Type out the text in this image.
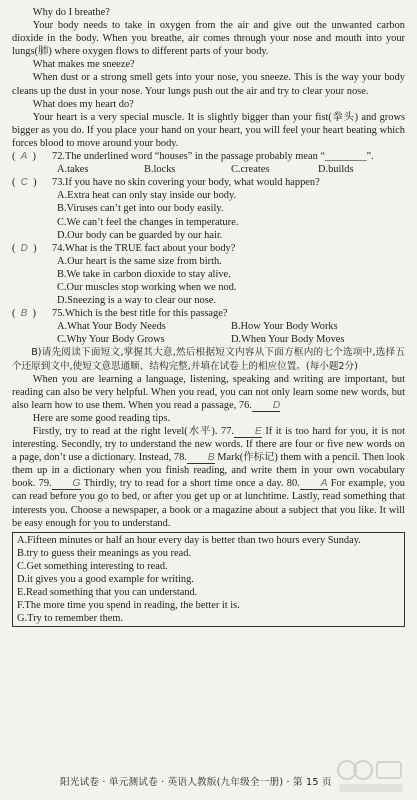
Why do I breathe?

Your body needs to take in oxygen from the air and give out the unwanted carbon dioxide in the body. When you breathe, air comes through your nose and mouth into your lungs(肺) where oxygen flows to different parts of your body.

What makes me sneeze?

When dust or a strong smell gets into your nose, you sneeze. This is the way your body cleans up the dust in your nose. Your lungs push out the air and try to clear your nose.

What does my heart do?

Your heart is a very special muscle. It is slightly bigger than your fist(拳头) and grows bigger as you do. If you place your hand on your heart, you will feel your heart beating which forces blood to move around your body.

( A )	72.The underlined word “houses” in the passage probably mean “________”.

A.takes	B.locks	C.creates	D.builds

( C )	73.If you have no skin covering your body, what would happen?

A.Extra heat can only stay inside our body.

B.Viruses can’t get into our body easily.

C.We can’t feel the changes in temperature.

D.Our body can be guarded by our hair.

( D )	74.What is the TRUE fact about your body?

A.Our heart is the same size from birth.

B.We take in carbon dioxide to stay alive.

C.Our muscles stop working when we nod.

D.Sneezing is a way to clear our nose.

( B )	75.Which is the best title for this passage?

A.What Your Body Needs	B.How Your Body Works
C.Why Your Body Grows	D.When Your Body Moves

B)请先阅读下面短文,掌握其大意,然后根据短文内容从下面方框内的七个选项中,选择五个还原到文中,使短文意思通顺、结构完整,并填在试卷上的相应位置。(每小题2分)

When you are learning a language, listening, speaking and writing are important, but reading can also be very helpful. When you read, you can not only learn some new words, but also learn how to use them. When you read a passage, 76. D

Here are some good reading tips.

Firstly, try to read at the right level(水平). 77. E If it is too hard for you, it is not interesting. Secondly, try to understand the new words. If there are four or five new words on a page, don’t use a dictionary. Instead, 78. B Mark(作标记) them with a pencil. Then look them up in a dictionary when you finish reading, and write them in your own vocabulary book. 79. G Thirdly, try to read for a short time once a day. 80. A For example, you can read before you go to bed, or after you get up or at lunchtime. Lastly, read something that interests you. Choose a newspaper, a book or a magazine about a subject that you like. It will be easy enough for you to understand.

A.Fifteen minutes or half an hour every day is better than two hours every Sunday.

B.try to guess their meanings as you read.

C.Get something interesting to read.

D.it gives you a good example for writing.

E.Read something that you can understand.

F.The more time you spend in reading, the better it is.

G.Try to remember them.

阳光试卷 · 单元测试卷 · 英语人教版(九年级全一册) · 第 15 页
